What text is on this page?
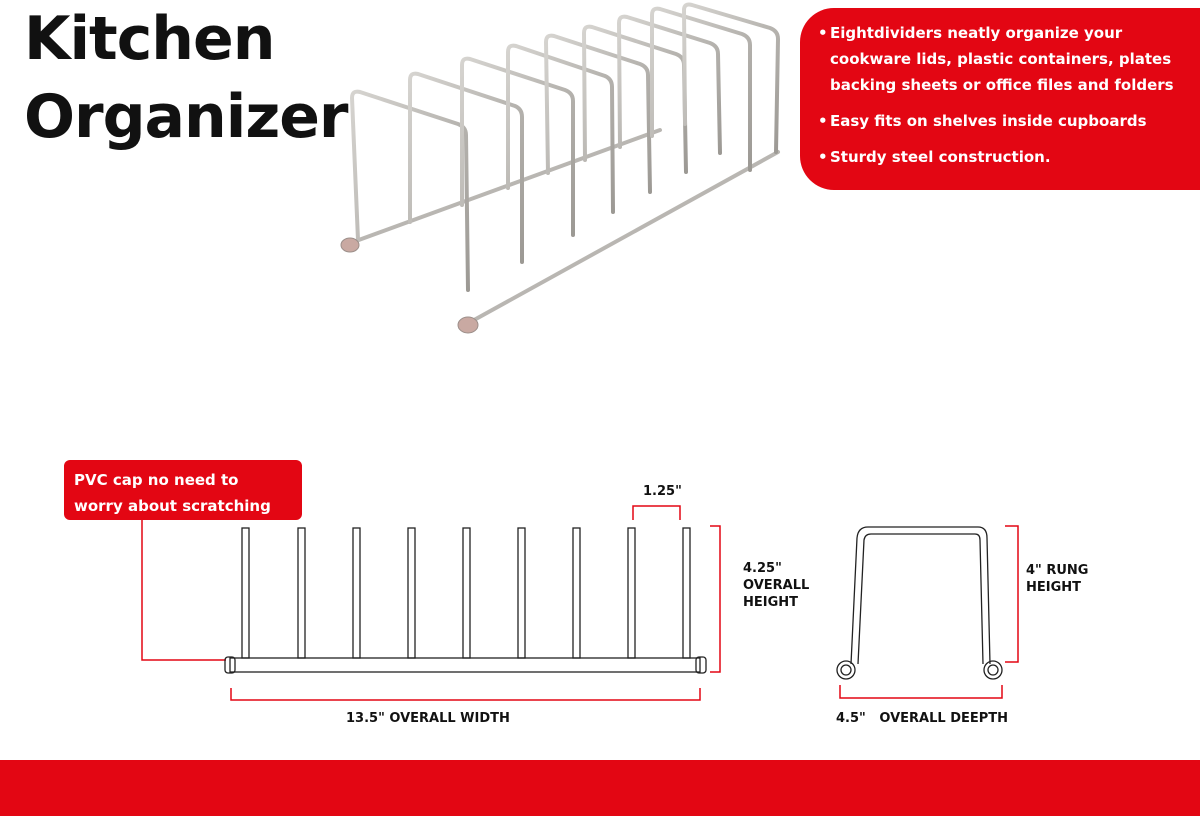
Kitchen
Organizer
• Eightdividers neatly organize your
cookware lids, plastic containers, plates
backing sheets or office files and folders
• Easy fits on shelves inside cupboards
• Sturdy steel construction.
PVC cap no need to
worry about scratching
1.25"
4.25"
OVERALL
HEIGHT
13.5" OVERALL WIDTH
4" RUNG
HEIGHT
4.5"   OVERALL DEEPTH
